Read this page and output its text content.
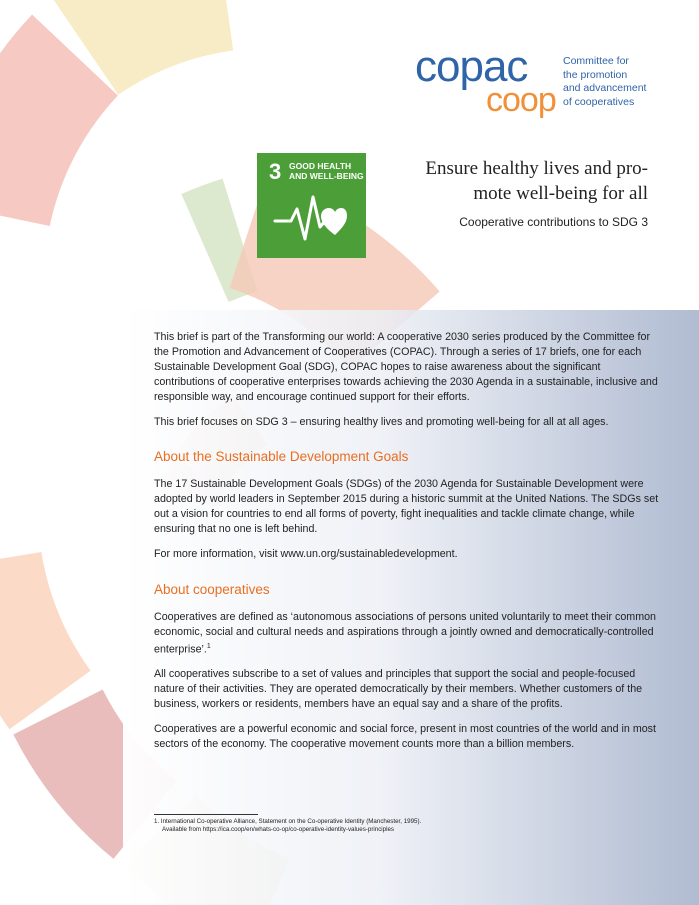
copac
coop
Committee for
the promotion
and advancement
of cooperatives
3 GOOD HEALTH
AND WELL-BEING	Ensure healthy lives and pro-
mote well-being for all
Cooperative contributions to SDG 3

This brief is part of the Transforming our world: A cooperative 2030 series produced by the Committee for the Promotion and Advancement of Cooperatives (COPAC). Through a series of 17 briefs, one for each Sustainable Development Goal (SDG), COPAC hopes to raise awareness about the significant contributions of cooperative enterprises towards achieving the 2030 Agenda in a sustainable, inclusive and responsible way, and encourage continued support for their efforts.

This brief focuses on SDG 3 – ensuring healthy lives and promoting well-being for all at all ages.

About the Sustainable Development Goals

The 17 Sustainable Development Goals (SDGs) of the 2030 Agenda for Sustainable Development were adopted by world leaders in September 2015 during a historic summit at the United Nations. The SDGs set out a vision for countries to end all forms of poverty, fight inequalities and tackle climate change, while ensuring that no one is left behind.

For more information, visit www.un.org/sustainabledevelopment.

About cooperatives

Cooperatives are defined as ‘autonomous associations of persons united voluntarily to meet their common economic, social and cultural needs and aspirations through a jointly owned and democratically-controlled enterprise’.$^1$

All cooperatives subscribe to a set of values and principles that support the social and people-focused nature of their activities. They are operated democratically by their members. Whether customers of the business, workers or residents, members have an equal say and a share of the profits.

Cooperatives are a powerful economic and social force, present in most countries of the world and in most sectors of the economy. The cooperative movement counts more than a billion members.

1. International Co-operative Alliance, Statement on the Co-operative Identity (Manchester, 1995).
Available from https://ica.coop/en/whats-co-op/co-operative-identity-values-principles
